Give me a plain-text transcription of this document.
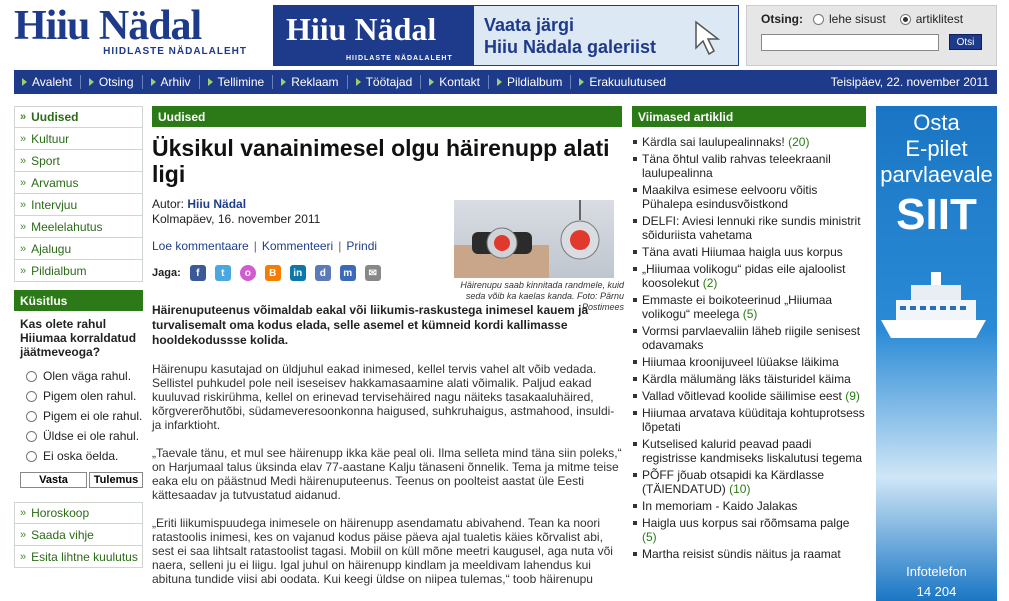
Hiiu Nädal
HIIDLASTE NÄDALALEHT
Hiiu Nädal
HIIDLASTE NÄDALALEHT
Vaata järgi
Hiiu Nädala galeriist
Otsing: lehe sisust	artiklitest
Otsi
Avaleht	Otsing	Arhiiv	Tellimine	Reklaam	Töötajad	Kontakt	Pildialbum	Erakuulutused	Teisipäev, 22. november 2011
» Uudised
» Kultuur
» Sport
» Arvamus
» Intervjuu
» Meelelahutus
» Ajalugu
» Pildialbum
Küsitlus
Kas olete rahul Hiiumaa korraldatud jäätmeveoga?
Olen väga rahul.
Pigem olen rahul.
Pigem ei ole rahul.
Üldse ei ole rahul.
Ei oska öelda.
Vasta	Tulemus
» Horoskoop
» Saada vihje
» Esita lihtne kuulutus
Uudised
Üksikul vanainimesel olgu häirenupp alati ligi
Autor: Hiiu Nädal
Kolmapäev, 16. november 2011
Loe kommentaare | Kommenteeri | Prindi
Jaga:	f	t	o	B	in	d	m	✉
Häirenuputeenus võimaldab eakal või liikumis-raskustega inimesel kauem ja turvalisemalt oma kodus elada, selle asemel et kümneid kordi kallimasse hooldekodussse kolida.
Häirenupu kasutajad on üldjuhul eakad inimesed, kellel tervis vahel alt võib vedada. Sellistel puhkudel pole neil iseseisev hakkamasaamine alati võimalik. Paljud eakad kuuluvad riskirühma, kellel on erinevad tervisehäired nagu näiteks tasakaaluhäired, kõrgvererõhutõbi, südameveresoonkonna haigused, suhkruhaigus, astmahood, insuldi-ja infarktioht.
„Taevale tänu, et mul see häirenupp ikka käe peal oli. Ilma selleta mind täna siin poleks,“ on Harjumaal talus üksinda elav 77-aastane Kalju tänaseni õnnelik. Tema ja mitme teise eaka elu on päästnud Medi häirenuputeenus. Teenus on poolteist aastat üle Eesti kättesaadav ja tutvustatud aidanud.
„Eriti liikumispuudega inimesele on häirenupp asendamatu abivahend. Tean ka noori ratastoolis inimesi, kes on vajanud kodus päise päeva ajal tualetis käies kõrvalist abi, sest ei saa lihtsalt ratastoolist tagasi. Mobiil on küll mõne meetri kaugusel, aga nuta või naera, selleni ju ei liigu. Igal juhul on häirenupp kindlam ja meeldivam lahendus kui abituna tundide viisi abi oodata. Kui keegi üldse on niipea tulemas,“ toob häirenupu
Häirenupu saab kinnitada randmele, kuid seda võib ka kaelas kanda. Foto: Pärnu Postimees
Viimased artiklid
Kärdla sai laulupealinnaks! (20)
Täna õhtul valib rahvas teleekraanil laulupealinna
Maakilva esimese eelvooru võitis Pühalepa esindusvõistkond
DELFI: Aviesi lennuki rike sundis ministrit sõiduriista vahetama
Täna avati Hiiumaa haigla uus korpus
„Hiiumaa volikogu“ pidas eile ajaloolist koosolekut (2)
Emmaste ei boikoteerinud „Hiiumaa volikogu“ meelega (5)
Vormsi parvlaevaliin läheb riigile senisest odavamaks
Hiiumaa kroonijuveel lüüakse läikima
Kärdla mälumäng läks täisturidel käima
Vallad võitlevad koolide säilimise eest (9)
Hiiumaa arvatava küüditaja kohtuprotsess lõpetati
Kutselised kalurid peavad paadi registrisse kandmiseks liskalutusi tegema
PÕFF jõuab otsapidi ka Kärdlasse (TÄIENDATUD) (10)
In memoriam - Kaido Jalakas
Haigla uus korpus sai rõõmsama palge (5)
Martha reisist sündis näitus ja raamat
Osta
E-pilet
parvlaevale
SIIT
Infotelefon
14 204
